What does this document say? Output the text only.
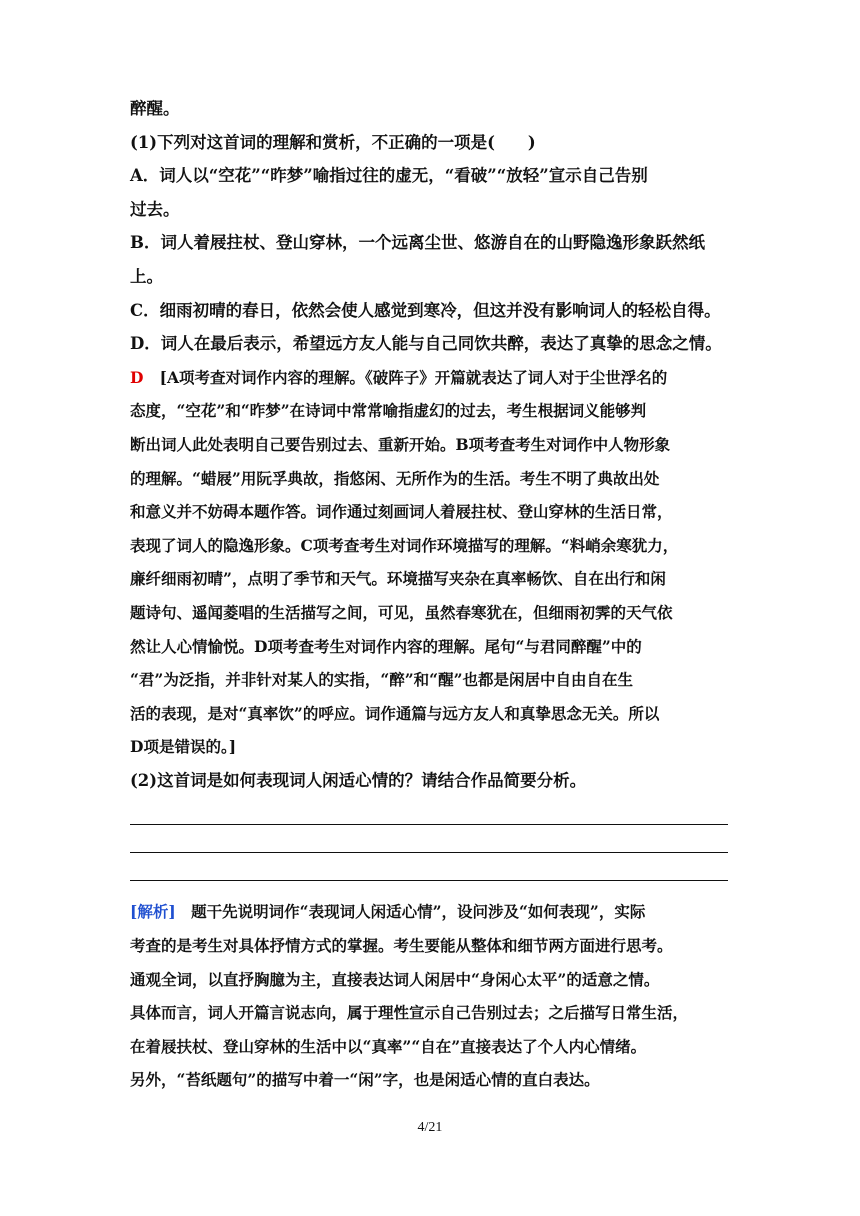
醉醒。
(1)下列对这首词的理解和赏析，不正确的一项是(　　)
A．词人以“空花”“昨梦”喻指过往的虚无，“看破”“放轻”宣示自己告别
过去。
B．词人着屐拄杖、登山穿林，一个远离尘世、悠游自在的山野隐逸形象跃然纸
上。
C．细雨初晴的春日，依然会使人感觉到寒冷，但这并没有影响词人的轻松自得。
D．词人在最后表示，希望远方友人能与自己同饮共醉，表达了真挚的思念之情。
D [A项考查对词作内容的理解。《破阵子》开篇就表达了词人对于尘世浮名的
态度，“空花”和“昨梦”在诗词中常常喻指虚幻的过去，考生根据词义能够判
断出词人此处表明自己要告别过去、重新开始。B项考查考生对词作中人物形象
的理解。“蜡屐”用阮孚典故，指悠闲、无所作为的生活。考生不明了典故出处
和意义并不妨碍本题作答。词作通过刻画词人着屐拄杖、登山穿林的生活日常，
表现了词人的隐逸形象。C项考查考生对词作环境描写的理解。“料峭余寒犹力，
廉纤细雨初晴”，点明了季节和天气。环境描写夹杂在真率畅饮、自在出行和闲
题诗句、遥闻菱唱的生活描写之间，可见，虽然春寒犹在，但细雨初霁的天气依
然让人心情愉悦。D项考查考生对词作内容的理解。尾句“与君同醉醒”中的
“君”为泛指，并非针对某人的实指，“醉”和“醒”也都是闲居中自由自在生
活的表现，是对“真率饮”的呼应。词作通篇与远方友人和真挚思念无关。所以
D项是错误的。]
(2)这首词是如何表现词人闲适心情的？请结合作品简要分析。
[解析]　题干先说明词作“表现词人闲适心情”，设问涉及“如何表现”，实际
考查的是考生对具体抒情方式的掌握。考生要能从整体和细节两方面进行思考。
通观全词，以直抒胸臆为主，直接表达词人闲居中“身闲心太平”的适意之情。
具体而言，词人开篇言说志向，属于理性宣示自己告别过去；之后描写日常生活，
在着屐扶杖、登山穿林的生活中以“真率”“自在”直接表达了个人内心情绪。
另外，“苔纸题句”的描写中着一“闲”字，也是闲适心情的直白表达。
4/21
